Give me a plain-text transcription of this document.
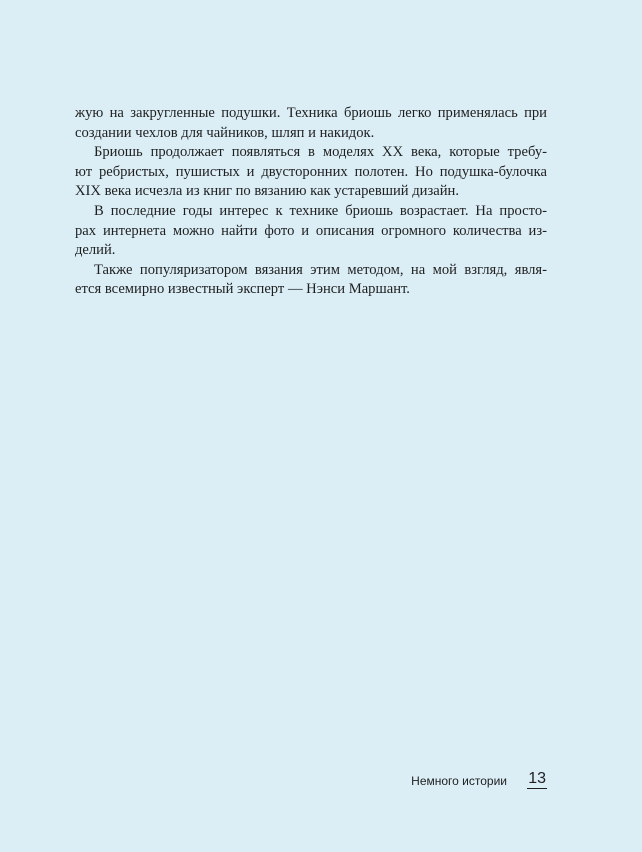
жую на закругленные подушки. Техника бриошь легко применялась при
создании чехлов для чайников, шляп и накидок.
Бриошь продолжает появляться в моделях XX века, которые требу-
ют ребристых, пушистых и двусторонних полотен. Но подушка-булочка
XIX века исчезла из книг по вязанию как устаревший дизайн.
В последние годы интерес к технике бриошь возрастает. На просто-
рах интернета можно найти фото и описания огромного количества из-
делий.
Также популяризатором вязания этим методом, на мой взгляд, явля-
ется всемирно известный эксперт — Нэнси Маршант.
Немного истории 13
